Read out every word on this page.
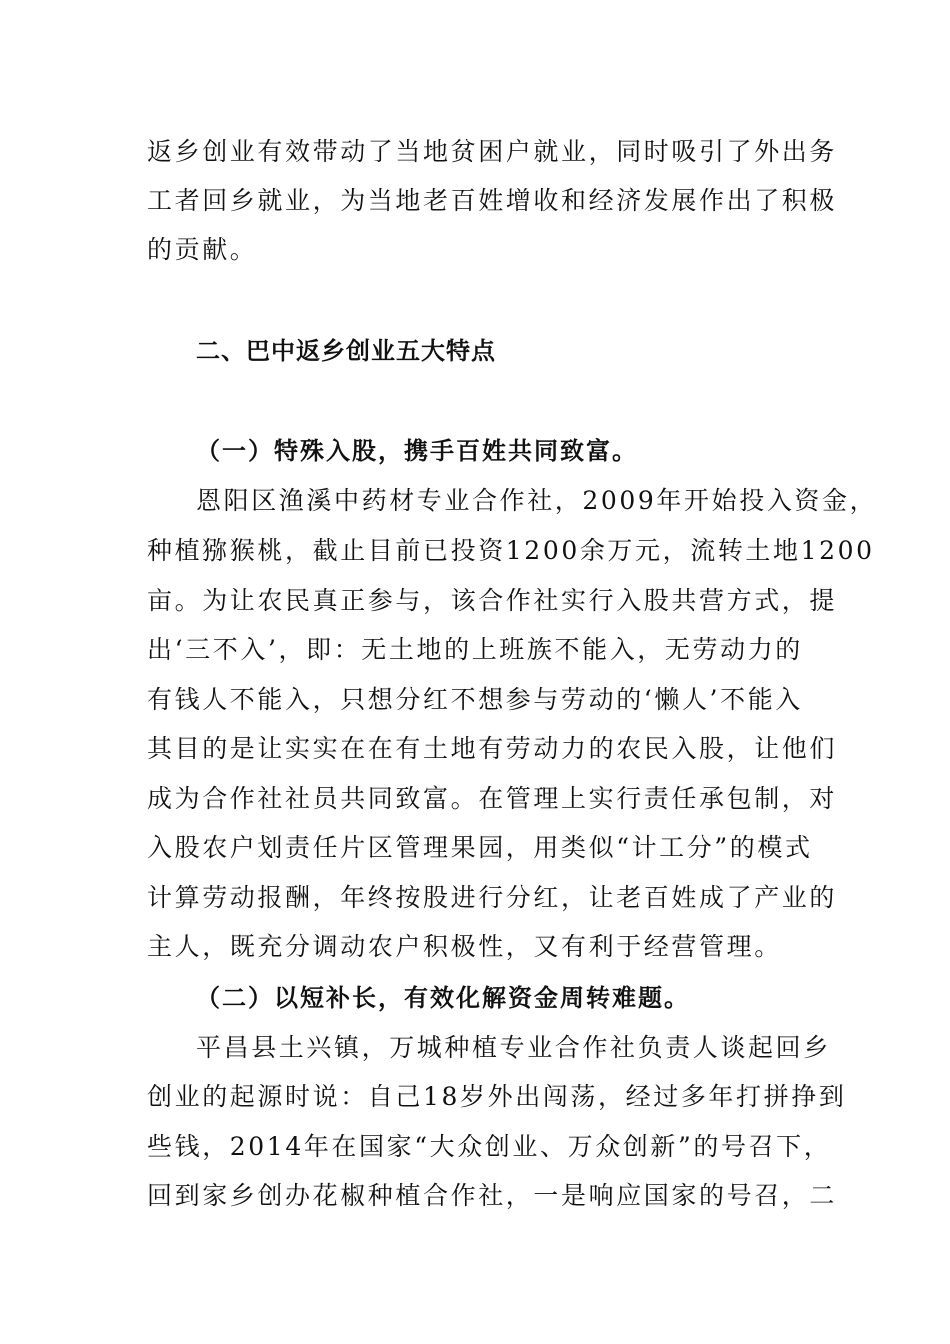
返乡创业有效带动了当地贫困户就业，同时吸引了外出务
工者回乡就业，为当地老百姓增收和经济发展作出了积极
的贡献。
二、巴中返乡创业五大特点
（一）特殊入股，携手百姓共同致富。
恩阳区渔溪中药材专业合作社，2009年开始投入资金，
种植猕猴桃，截止目前已投资1200余万元，流转土地1200
亩。为让农民真正参与，该合作社实行入股共营方式，提
出‘三不入’，即：无土地的上班族不能入，无劳动力的
有钱人不能入，只想分红不想参与劳动的‘懒人’不能入
其目的是让实实在在有土地有劳动力的农民入股，让他们
成为合作社社员共同致富。在管理上实行责任承包制，对
入股农户划责任片区管理果园，用类似“计工分”的模式
计算劳动报酬，年终按股进行分红，让老百姓成了产业的
主人，既充分调动农户积极性，又有利于经营管理。
（二）以短补长，有效化解资金周转难题。
平昌县土兴镇，万城种植专业合作社负责人谈起回乡
创业的起源时说：自己18岁外出闯荡，经过多年打拼挣到
些钱，2014年在国家“大众创业、万众创新”的号召下，
回到家乡创办花椒种植合作社，一是响应国家的号召，二
